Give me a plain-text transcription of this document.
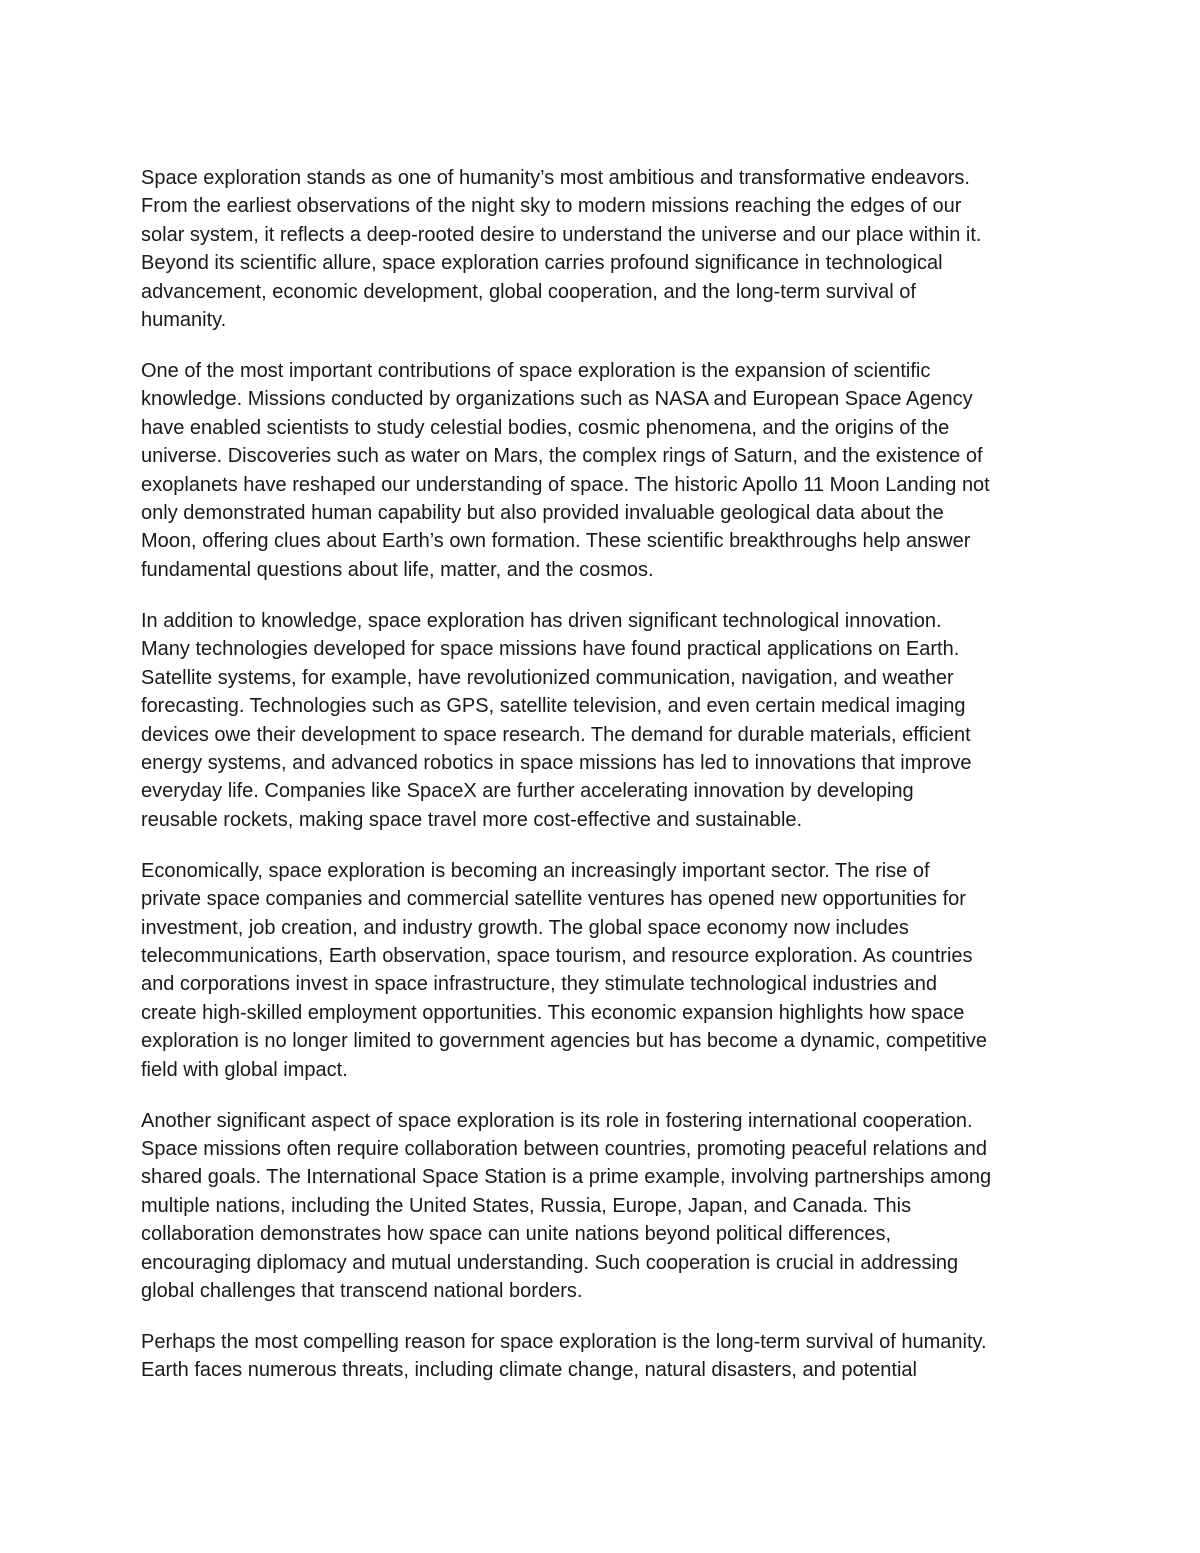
Space exploration stands as one of humanity’s most ambitious and transformative endeavors.
From the earliest observations of the night sky to modern missions reaching the edges of our
solar system, it reflects a deep-rooted desire to understand the universe and our place within it.
Beyond its scientific allure, space exploration carries profound significance in technological
advancement, economic development, global cooperation, and the long-term survival of
humanity.

One of the most important contributions of space exploration is the expansion of scientific
knowledge. Missions conducted by organizations such as NASA and European Space Agency
have enabled scientists to study celestial bodies, cosmic phenomena, and the origins of the
universe. Discoveries such as water on Mars, the complex rings of Saturn, and the existence of
exoplanets have reshaped our understanding of space. The historic Apollo 11 Moon Landing not
only demonstrated human capability but also provided invaluable geological data about the
Moon, offering clues about Earth’s own formation. These scientific breakthroughs help answer
fundamental questions about life, matter, and the cosmos.

In addition to knowledge, space exploration has driven significant technological innovation.
Many technologies developed for space missions have found practical applications on Earth.
Satellite systems, for example, have revolutionized communication, navigation, and weather
forecasting. Technologies such as GPS, satellite television, and even certain medical imaging
devices owe their development to space research. The demand for durable materials, efficient
energy systems, and advanced robotics in space missions has led to innovations that improve
everyday life. Companies like SpaceX are further accelerating innovation by developing
reusable rockets, making space travel more cost-effective and sustainable.

Economically, space exploration is becoming an increasingly important sector. The rise of
private space companies and commercial satellite ventures has opened new opportunities for
investment, job creation, and industry growth. The global space economy now includes
telecommunications, Earth observation, space tourism, and resource exploration. As countries
and corporations invest in space infrastructure, they stimulate technological industries and
create high-skilled employment opportunities. This economic expansion highlights how space
exploration is no longer limited to government agencies but has become a dynamic, competitive
field with global impact.

Another significant aspect of space exploration is its role in fostering international cooperation.
Space missions often require collaboration between countries, promoting peaceful relations and
shared goals. The International Space Station is a prime example, involving partnerships among
multiple nations, including the United States, Russia, Europe, Japan, and Canada. This
collaboration demonstrates how space can unite nations beyond political differences,
encouraging diplomacy and mutual understanding. Such cooperation is crucial in addressing
global challenges that transcend national borders.

Perhaps the most compelling reason for space exploration is the long-term survival of humanity.
Earth faces numerous threats, including climate change, natural disasters, and potential
